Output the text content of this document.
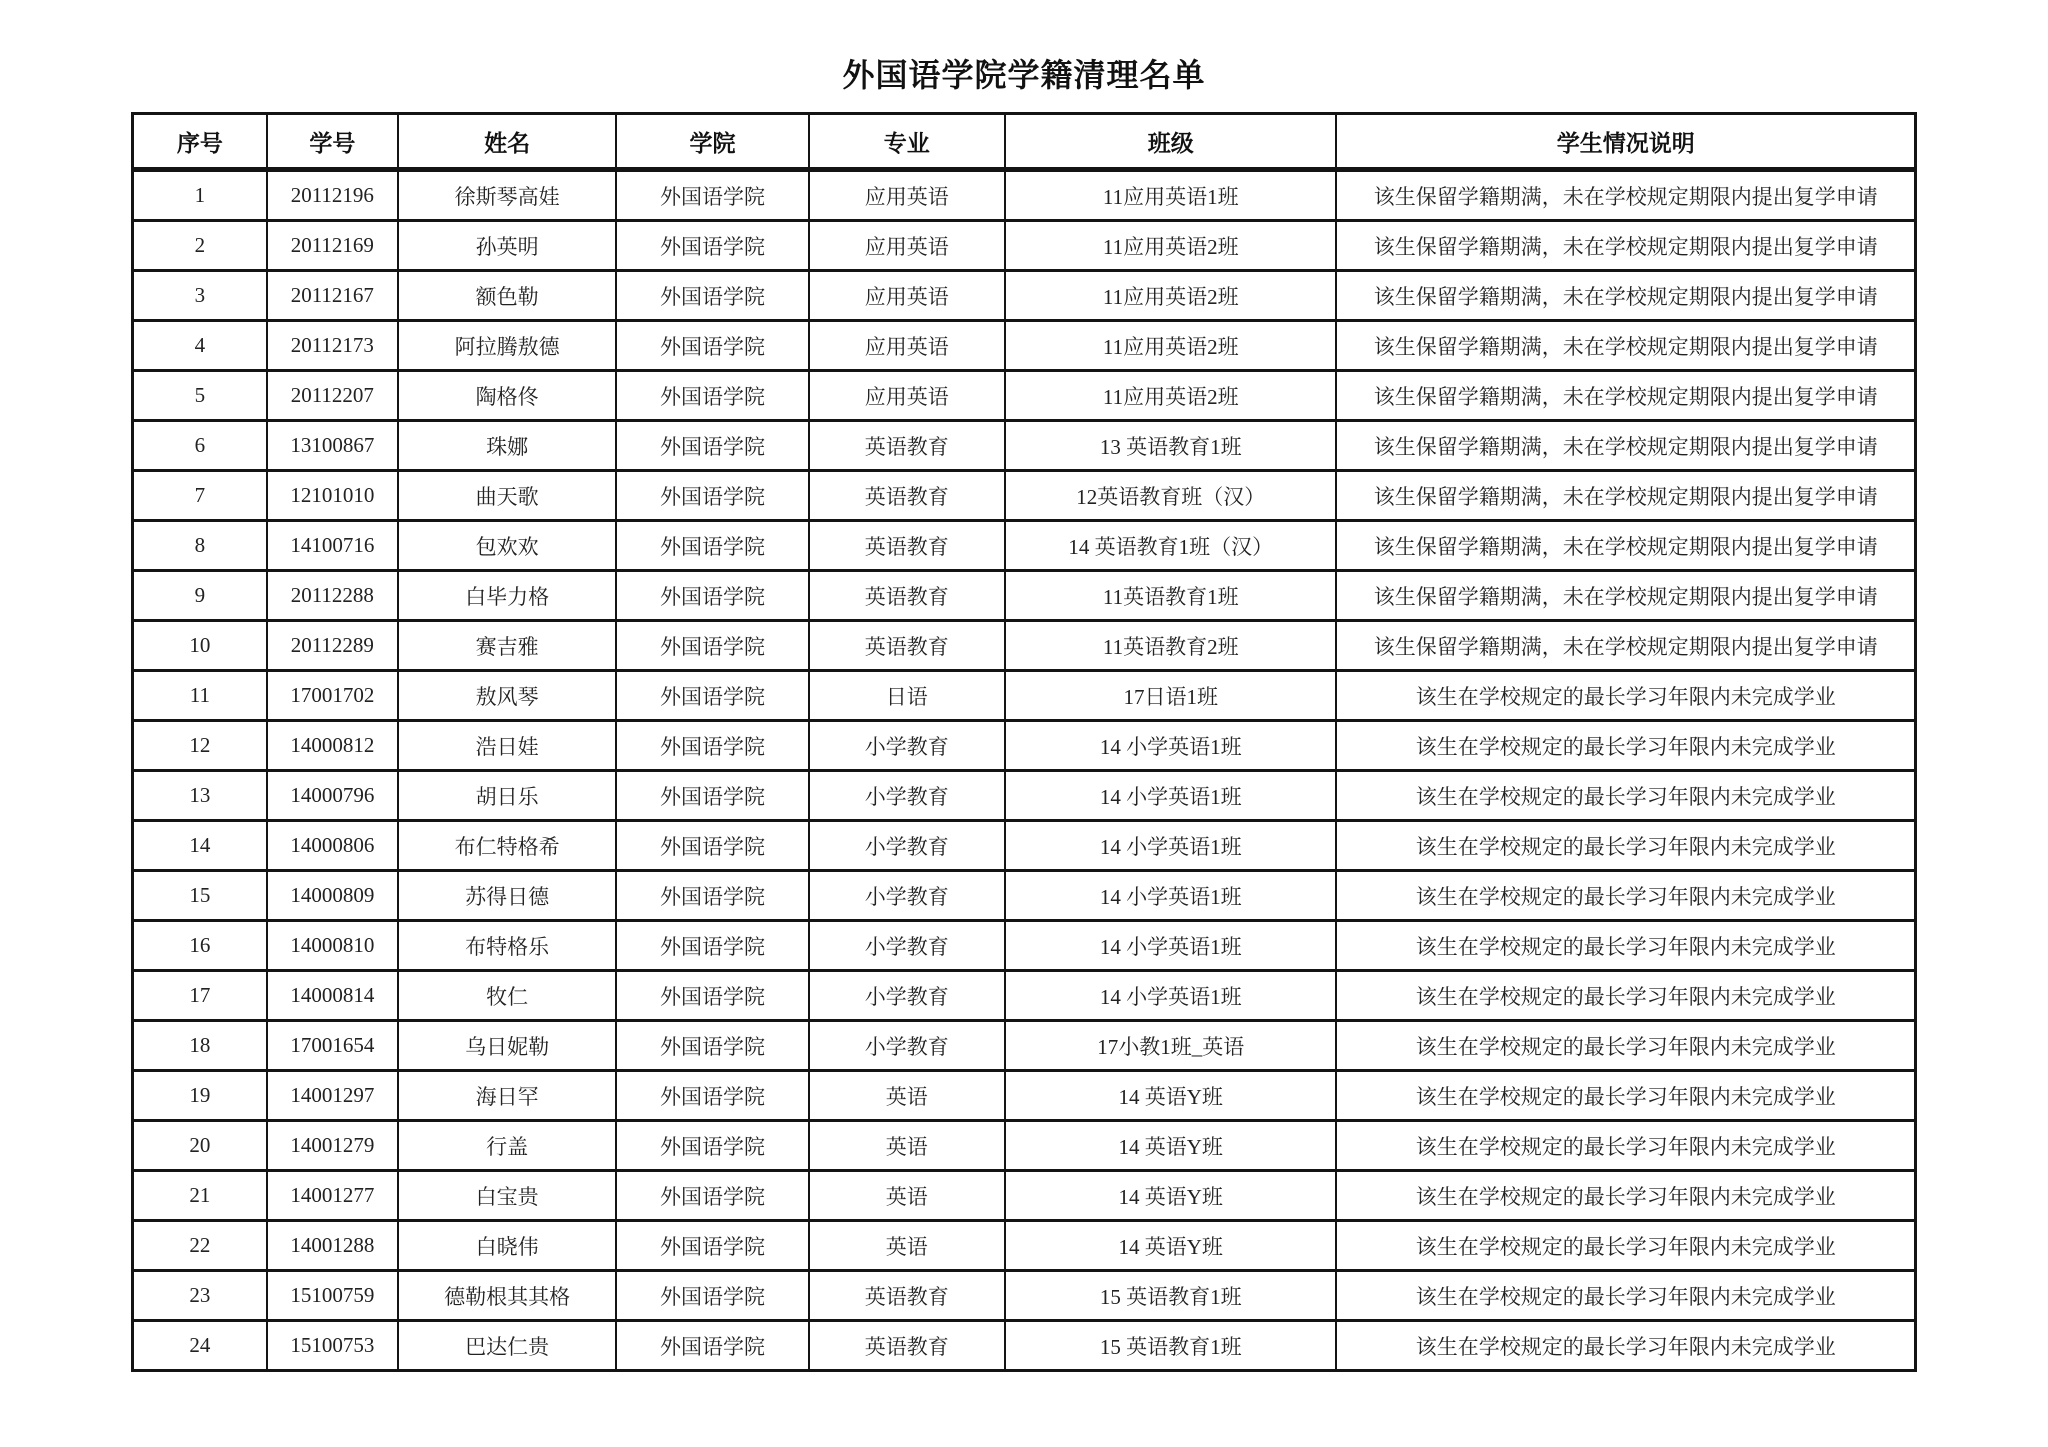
外国语学院学籍清理名单
序号	学号	姓名	学院	专业	班级	学生情况说明
1	20112196	徐斯琴高娃	外国语学院	应用英语	11应用英语1班	该生保留学籍期满，未在学校规定期限内提出复学申请
2	20112169	孙英明	外国语学院	应用英语	11应用英语2班	该生保留学籍期满，未在学校规定期限内提出复学申请
3	20112167	额色勒	外国语学院	应用英语	11应用英语2班	该生保留学籍期满，未在学校规定期限内提出复学申请
4	20112173	阿拉腾敖德	外国语学院	应用英语	11应用英语2班	该生保留学籍期满，未在学校规定期限内提出复学申请
5	20112207	陶格佟	外国语学院	应用英语	11应用英语2班	该生保留学籍期满，未在学校规定期限内提出复学申请
6	13100867	珠娜	外国语学院	英语教育	13 英语教育1班	该生保留学籍期满，未在学校规定期限内提出复学申请
7	12101010	曲天歌	外国语学院	英语教育	12英语教育班（汉）	该生保留学籍期满，未在学校规定期限内提出复学申请
8	14100716	包欢欢	外国语学院	英语教育	14 英语教育1班（汉）	该生保留学籍期满，未在学校规定期限内提出复学申请
9	20112288	白毕力格	外国语学院	英语教育	11英语教育1班	该生保留学籍期满，未在学校规定期限内提出复学申请
10	20112289	赛吉雅	外国语学院	英语教育	11英语教育2班	该生保留学籍期满，未在学校规定期限内提出复学申请
11	17001702	敖风琴	外国语学院	日语	17日语1班	该生在学校规定的最长学习年限内未完成学业
12	14000812	浩日娃	外国语学院	小学教育	14 小学英语1班	该生在学校规定的最长学习年限内未完成学业
13	14000796	胡日乐	外国语学院	小学教育	14 小学英语1班	该生在学校规定的最长学习年限内未完成学业
14	14000806	布仁特格希	外国语学院	小学教育	14 小学英语1班	该生在学校规定的最长学习年限内未完成学业
15	14000809	苏得日德	外国语学院	小学教育	14 小学英语1班	该生在学校规定的最长学习年限内未完成学业
16	14000810	布特格乐	外国语学院	小学教育	14 小学英语1班	该生在学校规定的最长学习年限内未完成学业
17	14000814	牧仁	外国语学院	小学教育	14 小学英语1班	该生在学校规定的最长学习年限内未完成学业
18	17001654	乌日妮勒	外国语学院	小学教育	17小教1班_英语	该生在学校规定的最长学习年限内未完成学业
19	14001297	海日罕	外国语学院	英语	14 英语Y班	该生在学校规定的最长学习年限内未完成学业
20	14001279	行盖	外国语学院	英语	14 英语Y班	该生在学校规定的最长学习年限内未完成学业
21	14001277	白宝贵	外国语学院	英语	14 英语Y班	该生在学校规定的最长学习年限内未完成学业
22	14001288	白晓伟	外国语学院	英语	14 英语Y班	该生在学校规定的最长学习年限内未完成学业
23	15100759	德勒根其其格	外国语学院	英语教育	15 英语教育1班	该生在学校规定的最长学习年限内未完成学业
24	15100753	巴达仁贵	外国语学院	英语教育	15 英语教育1班	该生在学校规定的最长学习年限内未完成学业
